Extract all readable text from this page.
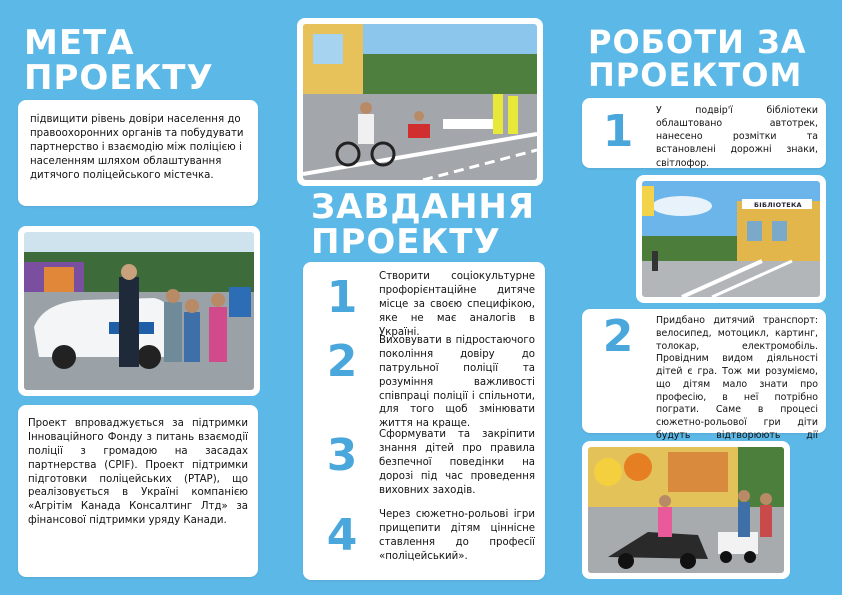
МЕТА
ПРОЕКТУ
підвищити рівень довіри населення до правоохоронних органів та побудувати партнерство і взаємодію між поліцією і населенням шляхом облаштування дитячого поліцейського містечка.
Проект впроваджується за підтримки Інноваційного Фонду з питань взаємодії поліції з громадою на засадах партнерства (CPIF). Проект підтримки підготовки поліцейських (PTAP), що реалізовується в Україні компанією «Агрітім Канада Консалтинг Лтд» за фінансової підтримки уряду Канади.
ЗАВДАННЯ
ПРОЕКТУ
1	Створити соціокультурне профорієнтаційне дитяче місце за своєю специфікою, яке не має аналогів в Україні.
2	Виховувати в підростаючого покоління довіру до патрульної поліції та розуміння важливості співпраці поліції і спільноти, для того щоб змінювати життя на краще.
3	Сформувати та закріпити знання дітей про правила безпечної поведінки на дорозі під час проведення виховних заходів.
4	Через сюжетно-рольові ігри прищепити дітям ціннісне ставлення до професії «поліцейський».
РОБОТИ ЗА
ПРОЕКТОМ
1	У подвір'ї бібліотеки облаштовано автотрек, нанесено розмітки та встановлені дорожні знаки, світлофор.
БІБЛІОТЕКА
2	Придбано дитячий транспорт: велосипед, мотоцикл, картинг, толокар, електромобіль. Провідним видом діяльності дітей є гра. Тож ми розуміємо, що дітям мало знати про професію, в неї потрібно пограти. Саме в процесі сюжетно-рольової гри діти будуть відтворюють дії
